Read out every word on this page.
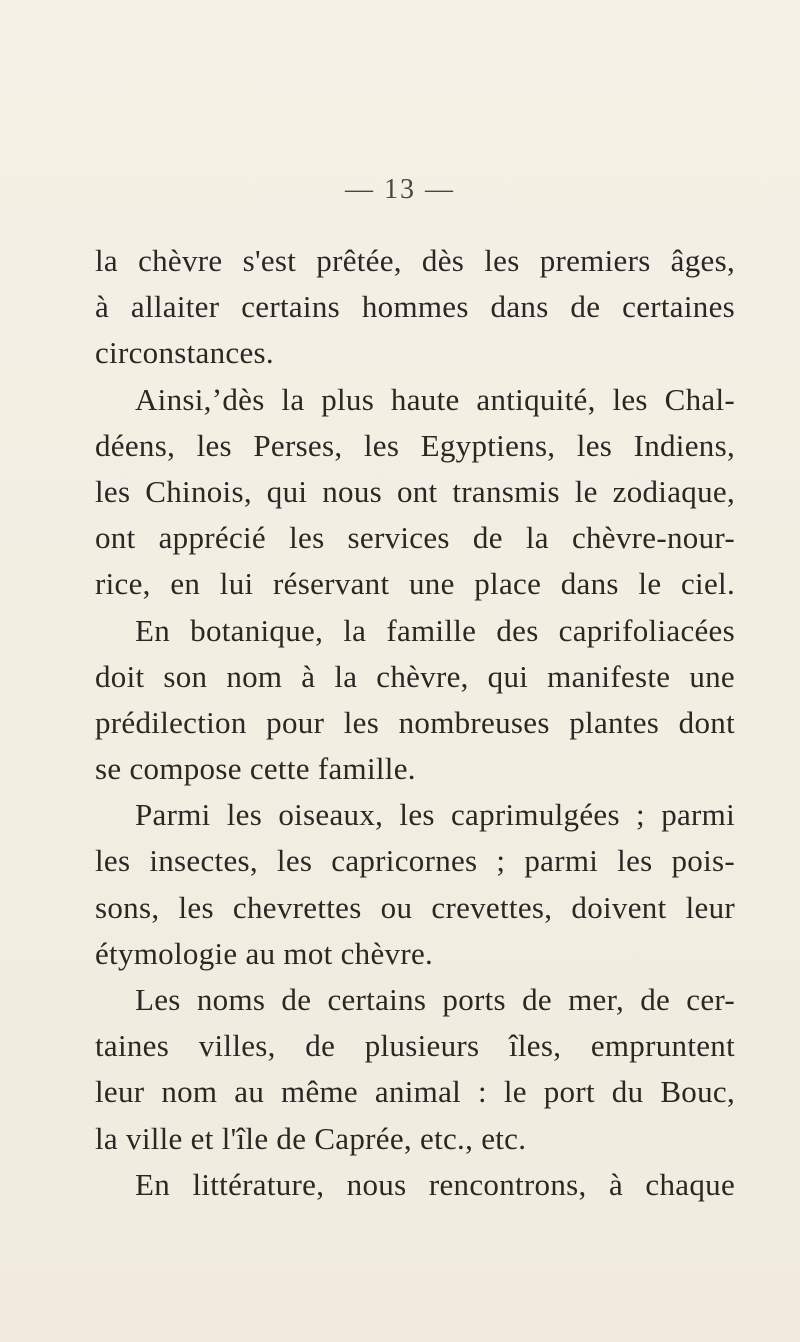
— 13 —
la chèvre s'est prêtée, dès les premiers âges,
à allaiter certains hommes dans de certaines
circonstances.
Ainsi,ʼdès la plus haute antiquité, les Chal-
déens, les Perses, les Egyptiens, les Indiens,
les Chinois, qui nous ont transmis le zodiaque,
ont apprécié les services de la chèvre-nour-
rice, en lui réservant une place dans le ciel.
En botanique, la famille des caprifoliacées
doit son nom à la chèvre, qui manifeste une
prédilection pour les nombreuses plantes dont
se compose cette famille.
Parmi les oiseaux, les caprimulgées ; parmi
les insectes, les capricornes ; parmi les pois-
sons, les chevrettes ou crevettes, doivent leur
étymologie au mot chèvre.
Les noms de certains ports de mer, de cer-
taines villes, de plusieurs îles, empruntent
leur nom au même animal : le port du Bouc,
la ville et l'île de Caprée, etc., etc.
En littérature, nous rencontrons, à chaque
